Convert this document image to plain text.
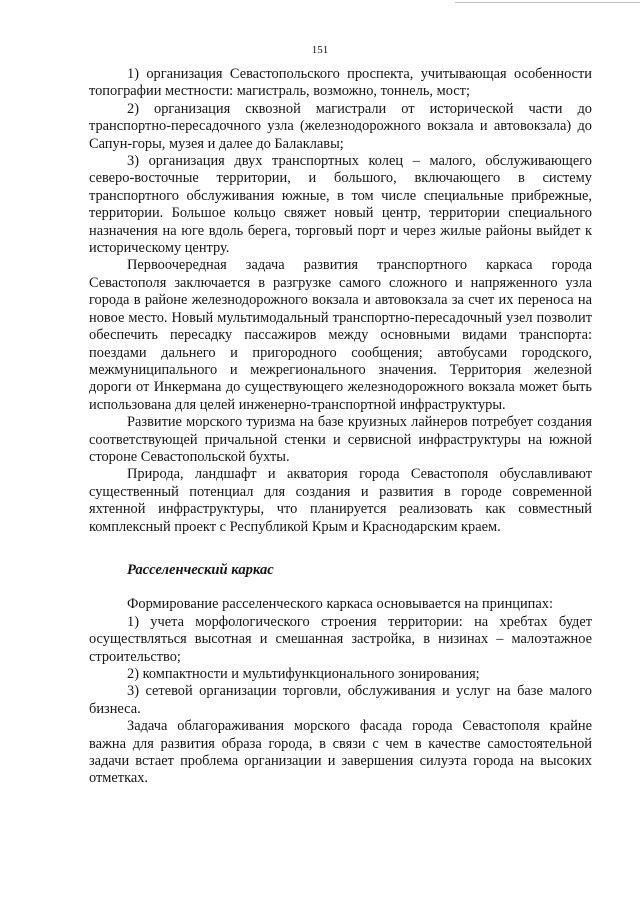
151

1) организация Севастопольского проспекта, учитывающая особенности топографии местности: магистраль, возможно, тоннель, мост;

2) организация сквозной магистрали от исторической части до транспортно-пересадочного узла (железнодорожного вокзала и автовокзала) до Сапун-горы, музея и далее до Балаклавы;

3) организация двух транспортных колец – малого, обслуживающего северо-восточные территории, и большого, включающего в систему транспортного обслуживания южные, в том числе специальные прибрежные, территории. Большое кольцо свяжет новый центр, территории специального назначения на юге вдоль берега, торговый порт и через жилые районы выйдет к историческому центру.

Первоочередная задача развития транспортного каркаса города Севастополя заключается в разгрузке самого сложного и напряженного узла города в районе железнодорожного вокзала и автовокзала за счет их переноса на новое место. Новый мультимодальный транспортно-пересадочный узел позволит обеспечить пересадку пассажиров между основными видами транспорта: поездами дальнего и пригородного сообщения; автобусами городского, межмуниципального и межрегионального значения. Территория железной дороги от Инкермана до существующего железнодорожного вокзала может быть использована для целей инженерно-транспортной инфраструктуры.

Развитие морского туризма на базе круизных лайнеров потребует создания соответствующей причальной стенки и сервисной инфраструктуры на южной стороне Севастопольской бухты.

Природа, ландшафт и акватория города Севастополя обуславливают существенный потенциал для создания и развития в городе современной яхтенной инфраструктуры, что планируется реализовать как совместный комплексный проект с Республикой Крым и Краснодарским краем.

Расселенческий каркас

Формирование расселенческого каркаса основывается на принципах:

1) учета морфологического строения территории: на хребтах будет осуществляться высотная и смешанная застройка, в низинах – малоэтажное строительство;

2) компактности и мультифункционального зонирования;

3) сетевой организации торговли, обслуживания и услуг на базе малого бизнеса.

Задача облагораживания морского фасада города Севастополя крайне важна для развития образа города, в связи с чем в качестве самостоятельной задачи встает проблема организации и завершения силуэта города на высоких отметках.
